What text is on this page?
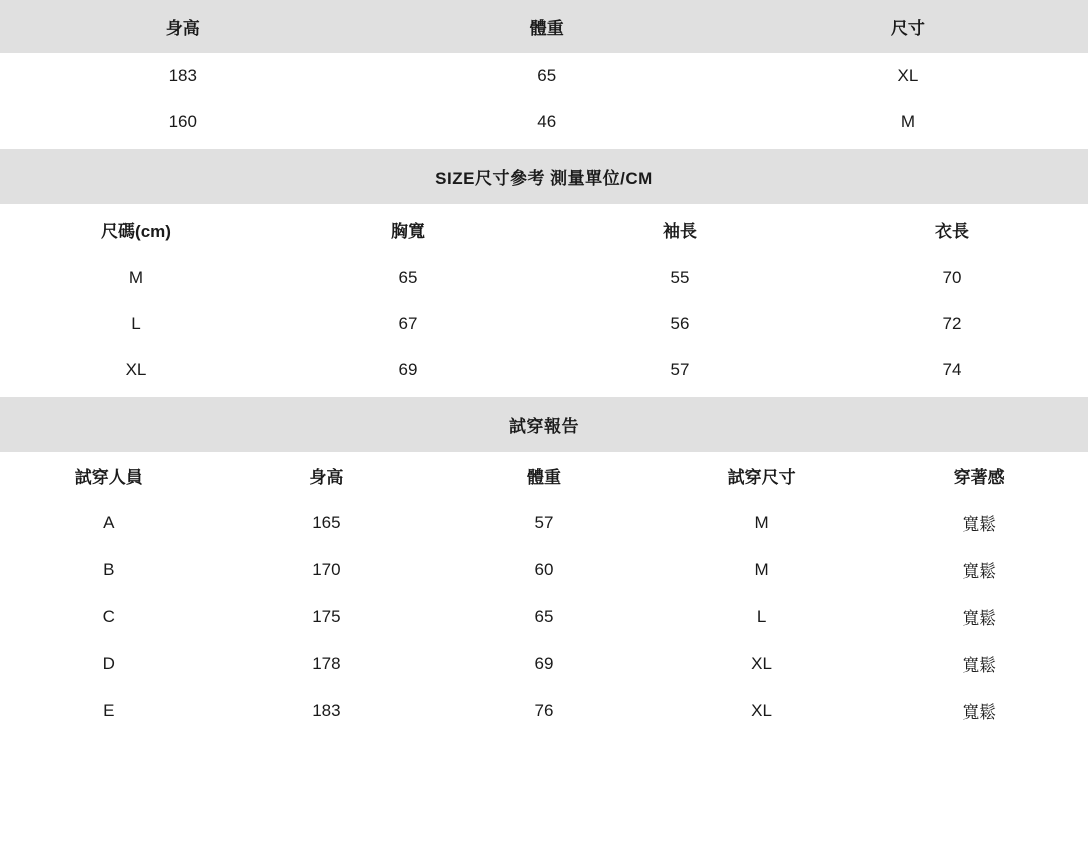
身高	體重	尺寸
183	65	XL
160	46	M
SIZE尺寸參考 測量單位/CM
尺碼(cm)	胸寬	袖長	衣長
M	65	55	70
L	67	56	72
XL	69	57	74
試穿報告
試穿人員	身高	體重	試穿尺寸	穿著感
A	165	57	M	寬鬆
B	170	60	M	寬鬆
C	175	65	L	寬鬆
D	178	69	XL	寬鬆
E	183	76	XL	寬鬆
